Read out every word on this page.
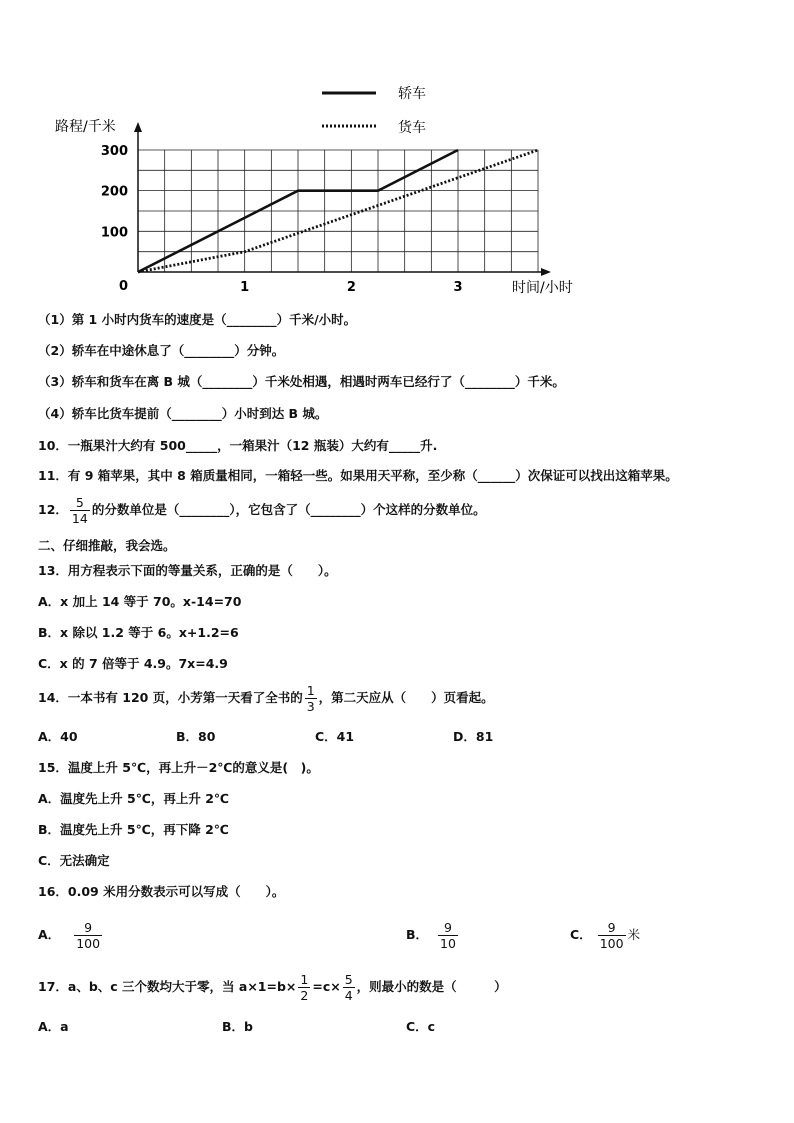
轿车
货车
路程/千米
时间/小时
0
100
200
300
1	2	3
（1）第 1 小时内货车的速度是（________）千米/小时。
（2）轿车在中途休息了（________）分钟。
（3）轿车和货车在离 B 城（________）千米处相遇，相遇时两车已经行了（________）千米。
（4）轿车比货车提前（________）小时到达 B 城。
10．一瓶果汁大约有 500_____，一箱果汁（12 瓶装）大约有_____升.
11．有 9 箱苹果，其中 8 箱质量相同，一箱轻一些。如果用天平称，至少称（______）次保证可以找出这箱苹果。
12． $\frac{5}{14}$ 的分数单位是（________），它包含了（________）个这样的分数单位。
二、仔细推敲，我会选。
13．用方程表示下面的等量关系，正确的是（　　）。
A．x 加上 14 等于 70。x-14=70
B．x 除以 1.2 等于 6。x+1.2=6
C．x 的 7 倍等于 4.9。7x=4.9
14．一本书有 120 页，小芳第一天看了全书的 $\frac{1}{3}$ ，第二天应从（　　）页看起。
A．40	B．80	C．41	D．81
15．温度上升 5℃，再上升－2℃的意义是(　)。
A．温度先上升 5℃，再上升 2℃
B．温度先上升 5℃，再下降 2℃
C．无法确定
16．0.09 米用分数表示可以写成（　　）。
A． $\frac{9}{100}$	B． $\frac{9}{10}$	C． $\frac{9}{100}$ 米
17．a、b、c 三个数均大于零，当 $a\times 1=b\times \frac{1}{2} =c\times \frac{5}{4}$ ，则最小的数是（　　　）
A．a	B．b	C．c
